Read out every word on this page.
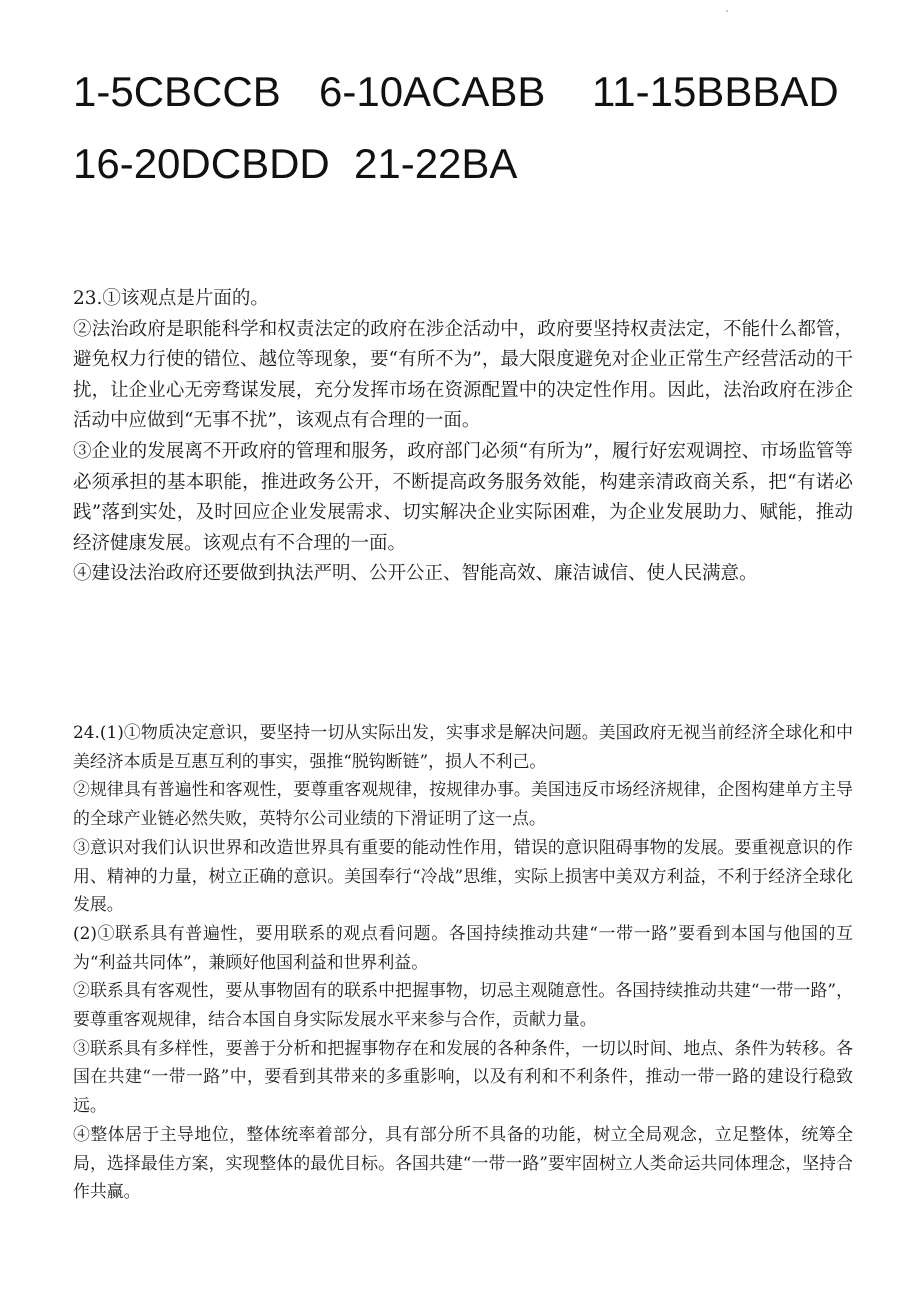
1-5CBCCB 6-10ACABB	11-15BBBAD
16-20DCBDD 21-22BA

23.①该观点是片面的。

②法治政府是职能科学和权责法定的政府在涉企活动中，政府要坚持权责法定，不能什么都管，避免权力行使的错位、越位等现象，要“有所不为”，最大限度避免对企业正常生产经营活动的干扰，让企业心无旁骛谋发展，充分发挥市场在资源配置中的决定性作用。因此，法治政府在涉企活动中应做到“无事不扰”，该观点有合理的一面。

③企业的发展离不开政府的管理和服务，政府部门必须“有所为”，履行好宏观调控、市场监管等必须承担的基本职能，推进政务公开，不断提高政务服务效能，构建亲清政商关系，把“有诺必践”落到实处，及时回应企业发展需求、切实解决企业实际困难，为企业发展助力、赋能，推动经济健康发展。该观点有不合理的一面。

④建设法治政府还要做到执法严明、公开公正、智能高效、廉洁诚信、使人民满意。

24.(1)①物质决定意识，要坚持一切从实际出发，实事求是解决问题。美国政府无视当前经济全球化和中美经济本质是互惠互利的事实，强推“脱钩断链”，损人不利己。

②规律具有普遍性和客观性，要尊重客观规律，按规律办事。美国违反市场经济规律，企图构建单方主导的全球产业链必然失败，英特尔公司业绩的下滑证明了这一点。

③意识对我们认识世界和改造世界具有重要的能动性作用，错误的意识阻碍事物的发展。要重视意识的作用、精神的力量，树立正确的意识。美国奉行“冷战”思维，实际上损害中美双方利益，不利于经济全球化发展。

(2)①联系具有普遍性，要用联系的观点看问题。各国持续推动共建“一带一路”要看到本国与他国的互为“利益共同体”，兼顾好他国利益和世界利益。

②联系具有客观性，要从事物固有的联系中把握事物，切忌主观随意性。各国持续推动共建“一带一路”，要尊重客观规律，结合本国自身实际发展水平来参与合作，贡献力量。

③联系具有多样性，要善于分析和把握事物存在和发展的各种条件，一切以时间、地点、条件为转移。各国在共建“一带一路”中，要看到其带来的多重影响，以及有利和不利条件，推动一带一路的建设行稳致远。

④整体居于主导地位，整体统率着部分，具有部分所不具备的功能，树立全局观念，立足整体，统筹全局，选择最佳方案，实现整体的最优目标。各国共建“一带一路”要牢固树立人类命运共同体理念，坚持合作共赢。
